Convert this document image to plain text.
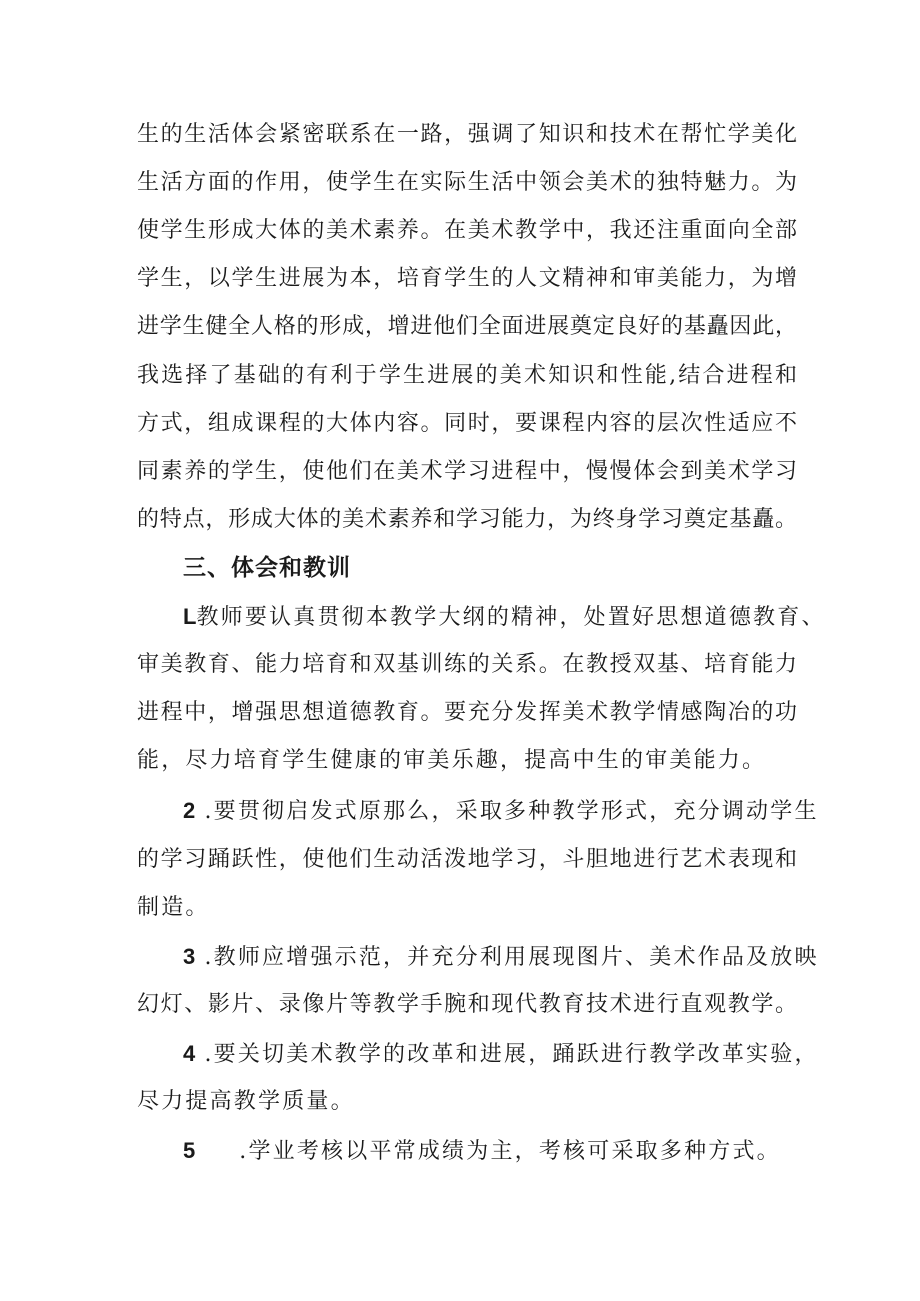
生的生活体会紧密联系在一路，强调了知识和技术在帮忙学美化
生活方面的作用，使学生在实际生活中领会美术的独特魅力。为
使学生形成大体的美术素养。在美术教学中，我还注重面向全部
学生，以学生进展为本，培育学生的人文精神和审美能力，为增
进学生健全人格的形成，增进他们全面进展奠定良好的基矗因此，
我选择了基础的有利于学生进展的美术知识和性能,结合进程和
方式，组成课程的大体内容。同时，要课程内容的层次性适应不
同素养的学生，使他们在美术学习进程中，慢慢体会到美术学习
的特点，形成大体的美术素养和学习能力，为终身学习奠定基矗。
三、体会和教训
L教师要认真贯彻本教学大纲的精神，处置好思想道德教育、
审美教育、能力培育和双基训练的关系。在教授双基、培育能力
进程中，增强思想道德教育。要充分发挥美术教学情感陶冶的功
能，尽力培育学生健康的审美乐趣，提高中生的审美能力。
2 .要贯彻启发式原那么，采取多种教学形式，充分调动学生
的学习踊跃性，使他们生动活泼地学习，斗胆地进行艺术表现和
制造。
3 .教师应增强示范，并充分利用展现图片、美术作品及放映
幻灯、影片、录像片等教学手腕和现代教育技术进行直观教学。
4 .要关切美术教学的改革和进展，踊跃进行教学改革实验，
尽力提高教学质量。
5 .学业考核以平常成绩为主，考核可采取多种方式。
